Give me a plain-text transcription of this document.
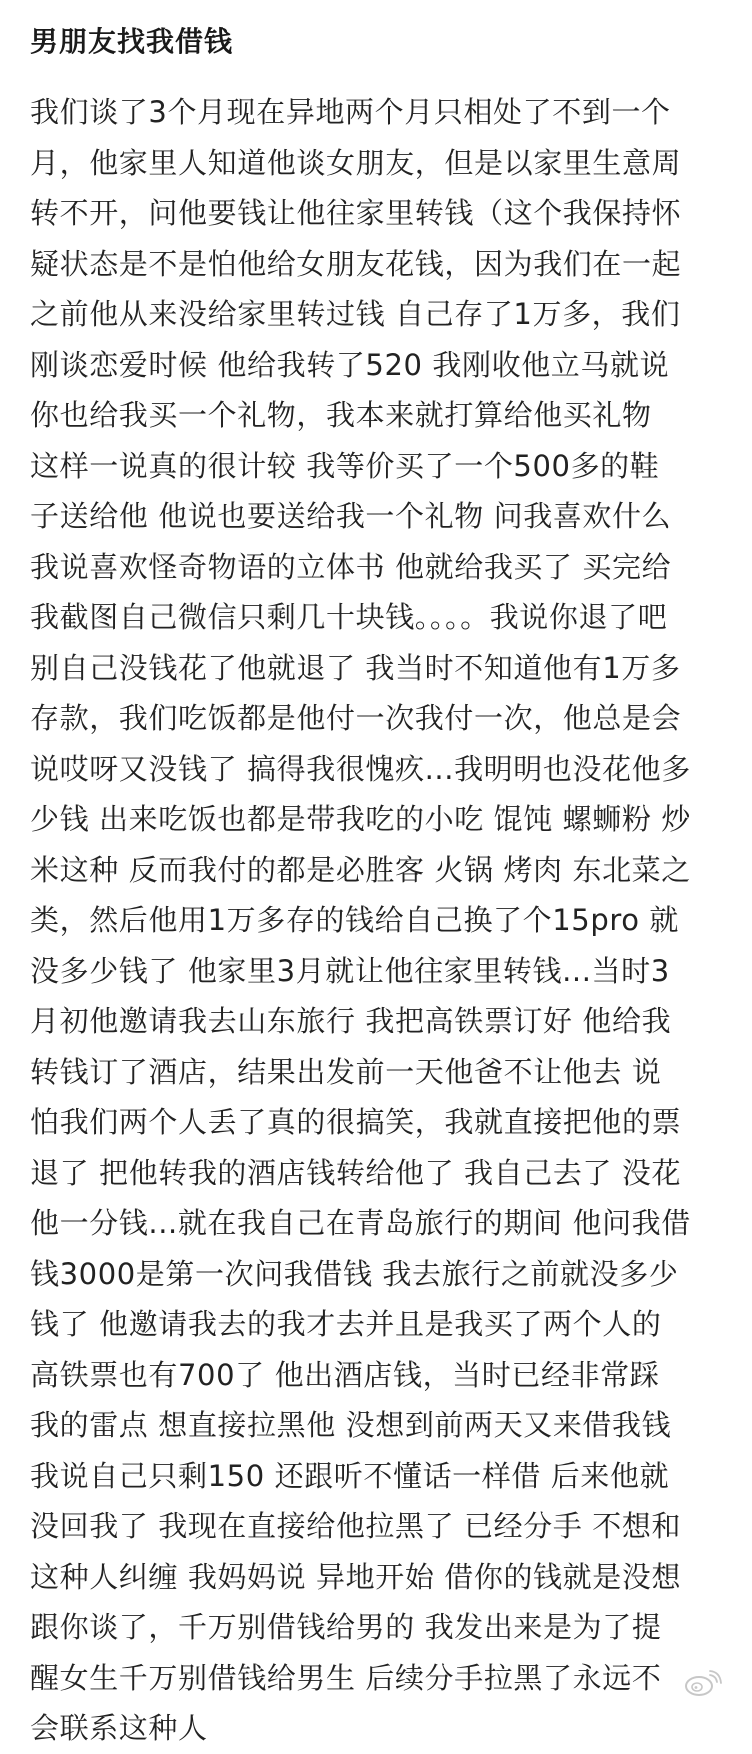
男朋友找我借钱

我们谈了3个月现在异地两个月只相处了不到一个

月，他家里人知道他谈女朋友，但是以家里生意周

转不开，问他要钱让他往家里转钱（这个我保持怀

疑状态是不是怕他给女朋友花钱，因为我们在一起

之前他从来没给家里转过钱 自己存了1万多，我们

刚谈恋爱时候 他给我转了520 我刚收他立马就说

你也给我买一个礼物，我本来就打算给他买礼物

这样一说真的很计较 我等价买了一个500多的鞋

子送给他 他说也要送给我一个礼物 问我喜欢什么

我说喜欢怪奇物语的立体书 他就给我买了 买完给

我截图自己微信只剩几十块钱。。。。我说你退了吧

别自己没钱花了他就退了 我当时不知道他有1万多

存款，我们吃饭都是他付一次我付一次，他总是会

说哎呀又没钱了 搞得我很愧疚...我明明也没花他多

少钱 出来吃饭也都是带我吃的小吃 馄饨 螺蛳粉 炒

米这种 反而我付的都是必胜客 火锅 烤肉 东北菜之

类，然后他用1万多存的钱给自己换了个15pro 就

没多少钱了 他家里3月就让他往家里转钱...当时3

月初他邀请我去山东旅行 我把高铁票订好 他给我

转钱订了酒店，结果出发前一天他爸不让他去 说

怕我们两个人丢了真的很搞笑，我就直接把他的票

退了 把他转我的酒店钱转给他了 我自己去了 没花

他一分钱...就在我自己在青岛旅行的期间 他问我借

钱3000是第一次问我借钱 我去旅行之前就没多少

钱了 他邀请我去的我才去并且是我买了两个人的

高铁票也有700了 他出酒店钱，当时已经非常踩

我的雷点 想直接拉黑他 没想到前两天又来借我钱

我说自己只剩150 还跟听不懂话一样借 后来他就

没回我了 我现在直接给他拉黑了 已经分手 不想和

这种人纠缠 我妈妈说 异地开始 借你的钱就是没想

跟你谈了，千万别借钱给男的 我发出来是为了提

醒女生千万别借钱给男生 后续分手拉黑了永远不

会联系这种人
